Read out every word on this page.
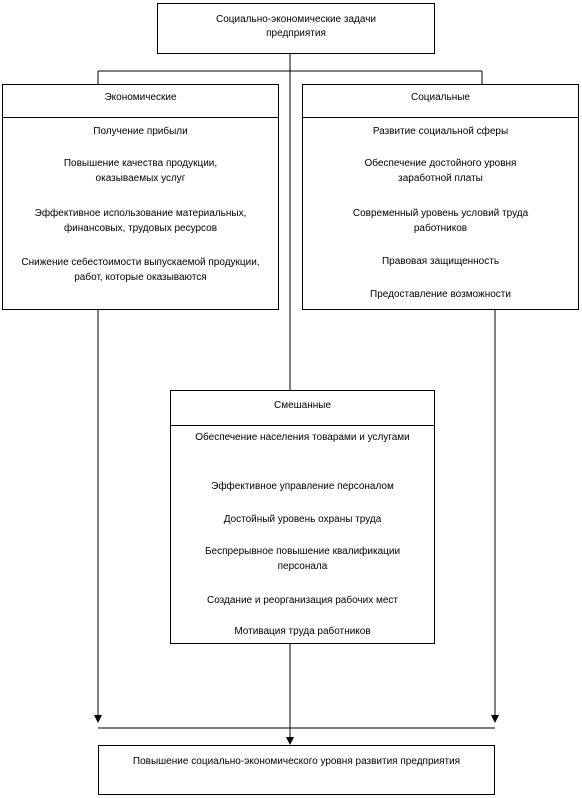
Социально-экономические задачи предприятия
Экономические
Получение прибыли
Повышение качества продукции, оказываемых услуг
Эффективное использование материальных, финансовых, трудовых ресурсов
Снижение себестоимости выпускаемой продукции, работ, которые оказываются
Социальные
Развитие социальной сферы
Обеспечение достойного уровня заработной платы
Современный уровень условий труда работников
Правовая защищенность
Предоставление возможности
Смешанные
Обеспечение населения товарами и услугами
Эффективное управление персоналом
Достойный уровень охраны труда
Беспрерывное повышение квалификации персонала
Создание и реорганизация рабочих мест
Мотивация труда работников
Повышение социально-экономического уровня развития предприятия
